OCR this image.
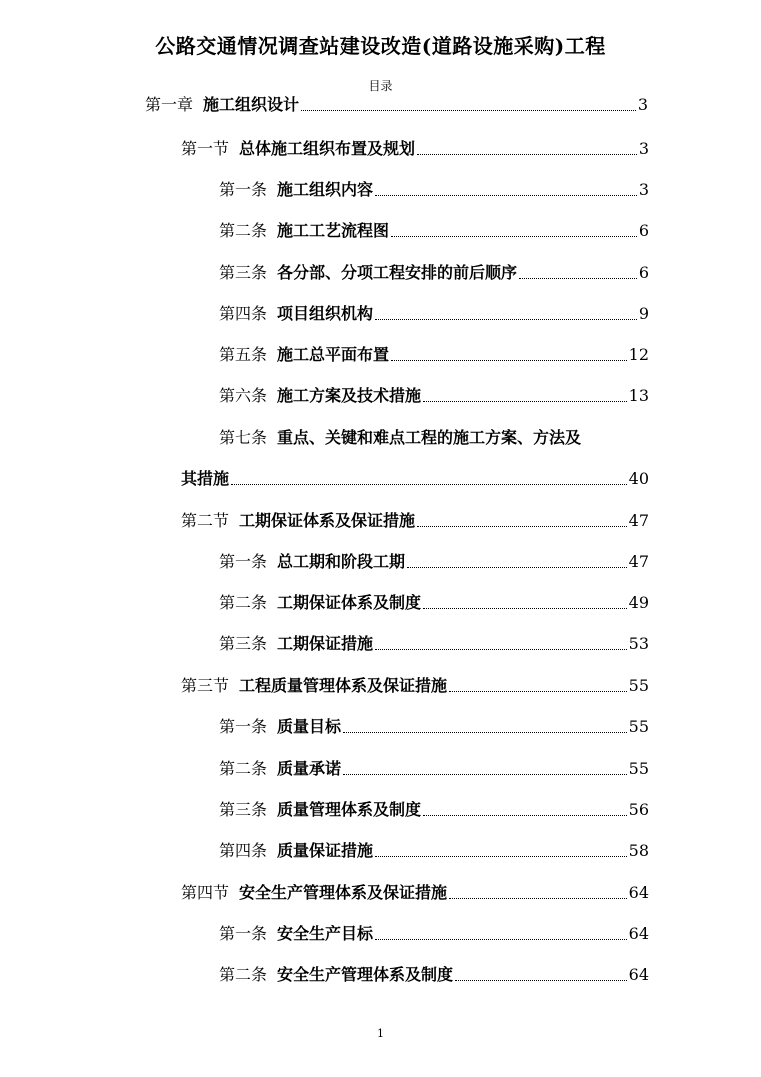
公路交通情况调查站建设改造(道路设施采购)工程
目录
第一章 施工组织设计	3
第一节 总体施工组织布置及规划	3
第一条 施工组织内容	3
第二条 施工工艺流程图	6
第三条 各分部、分项工程安排的前后顺序	6
第四条 项目组织机构	9
第五条 施工总平面布置	12
第六条 施工方案及技术措施	13
第七条 重点、关键和难点工程的施工方案、方法及
其措施	40
第二节 工期保证体系及保证措施	47
第一条 总工期和阶段工期	47
第二条 工期保证体系及制度	49
第三条 工期保证措施	53
第三节 工程质量管理体系及保证措施	55
第一条 质量目标	55
第二条 质量承诺	55
第三条 质量管理体系及制度	56
第四条 质量保证措施	58
第四节 安全生产管理体系及保证措施	64
第一条 安全生产目标	64
第二条 安全生产管理体系及制度	64
1
